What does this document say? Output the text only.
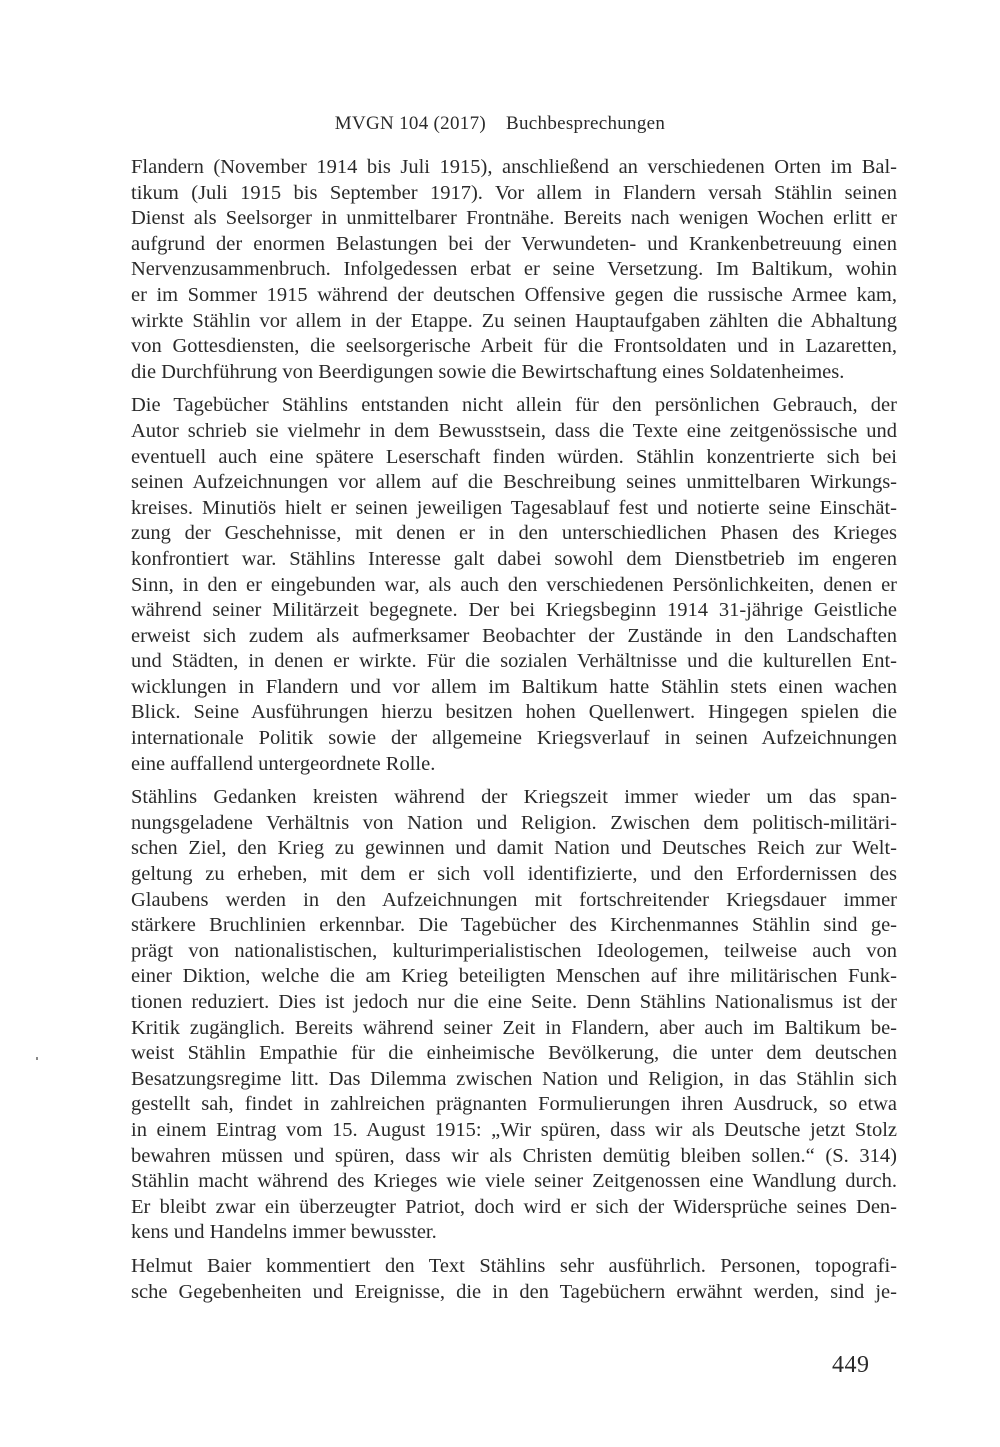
MVGN 104 (2017) Buchbesprechungen

Flandern (November 1914 bis Juli 1915), anschließend an verschiedenen Orten im Bal-
tikum (Juli 1915 bis September 1917). Vor allem in Flandern versah Stählin seinen
Dienst als Seelsorger in unmittelbarer Frontnähe. Bereits nach wenigen Wochen erlitt er
aufgrund der enormen Belastungen bei der Verwundeten- und Krankenbetreuung einen
Nervenzusammenbruch. Infolgedessen erbat er seine Versetzung. Im Baltikum, wohin
er im Sommer 1915 während der deutschen Offensive gegen die russische Armee kam,
wirkte Stählin vor allem in der Etappe. Zu seinen Hauptaufgaben zählten die Abhaltung
von Gottesdiensten, die seelsorgerische Arbeit für die Frontsoldaten und in Lazaretten,
die Durchführung von Beerdigungen sowie die Bewirtschaftung eines Soldatenheimes.

Die Tagebücher Stählins entstanden nicht allein für den persönlichen Gebrauch, der
Autor schrieb sie vielmehr in dem Bewusstsein, dass die Texte eine zeitgenössische und
eventuell auch eine spätere Leserschaft finden würden. Stählin konzentrierte sich bei
seinen Aufzeichnungen vor allem auf die Beschreibung seines unmittelbaren Wirkungs-
kreises. Minutiös hielt er seinen jeweiligen Tagesablauf fest und notierte seine Einschät-
zung der Geschehnisse, mit denen er in den unterschiedlichen Phasen des Krieges
konfrontiert war. Stählins Interesse galt dabei sowohl dem Dienstbetrieb im engeren
Sinn, in den er eingebunden war, als auch den verschiedenen Persönlichkeiten, denen er
während seiner Militärzeit begegnete. Der bei Kriegsbeginn 1914 31-jährige Geistliche
erweist sich zudem als aufmerksamer Beobachter der Zustände in den Landschaften
und Städten, in denen er wirkte. Für die sozialen Verhältnisse und die kulturellen Ent-
wicklungen in Flandern und vor allem im Baltikum hatte Stählin stets einen wachen
Blick. Seine Ausführungen hierzu besitzen hohen Quellenwert. Hingegen spielen die
internationale Politik sowie der allgemeine Kriegsverlauf in seinen Aufzeichnungen
eine auffallend untergeordnete Rolle.

Stählins Gedanken kreisten während der Kriegszeit immer wieder um das span-
nungsgeladene Verhältnis von Nation und Religion. Zwischen dem politisch-militäri-
schen Ziel, den Krieg zu gewinnen und damit Nation und Deutsches Reich zur Welt-
geltung zu erheben, mit dem er sich voll identifizierte, und den Erfordernissen des
Glaubens werden in den Aufzeichnungen mit fortschreitender Kriegsdauer immer
stärkere Bruchlinien erkennbar. Die Tagebücher des Kirchenmannes Stählin sind ge-
prägt von nationalistischen, kulturimperialistischen Ideologemen, teilweise auch von
einer Diktion, welche die am Krieg beteiligten Menschen auf ihre militärischen Funk-
tionen reduziert. Dies ist jedoch nur die eine Seite. Denn Stählins Nationalismus ist der
Kritik zugänglich. Bereits während seiner Zeit in Flandern, aber auch im Baltikum be-
weist Stählin Empathie für die einheimische Bevölkerung, die unter dem deutschen
Besatzungsregime litt. Das Dilemma zwischen Nation und Religion, in das Stählin sich
gestellt sah, findet in zahlreichen prägnanten Formulierungen ihren Ausdruck, so etwa
in einem Eintrag vom 15. August 1915: „Wir spüren, dass wir als Deutsche jetzt Stolz
bewahren müssen und spüren, dass wir als Christen demütig bleiben sollen.“ (S. 314)
Stählin macht während des Krieges wie viele seiner Zeitgenossen eine Wandlung durch.
Er bleibt zwar ein überzeugter Patriot, doch wird er sich der Widersprüche seines Den-
kens und Handelns immer bewusster.

Helmut Baier kommentiert den Text Stählins sehr ausführlich. Personen, topografi-
sche Gegebenheiten und Ereignisse, die in den Tagebüchern erwähnt werden, sind je-

449
